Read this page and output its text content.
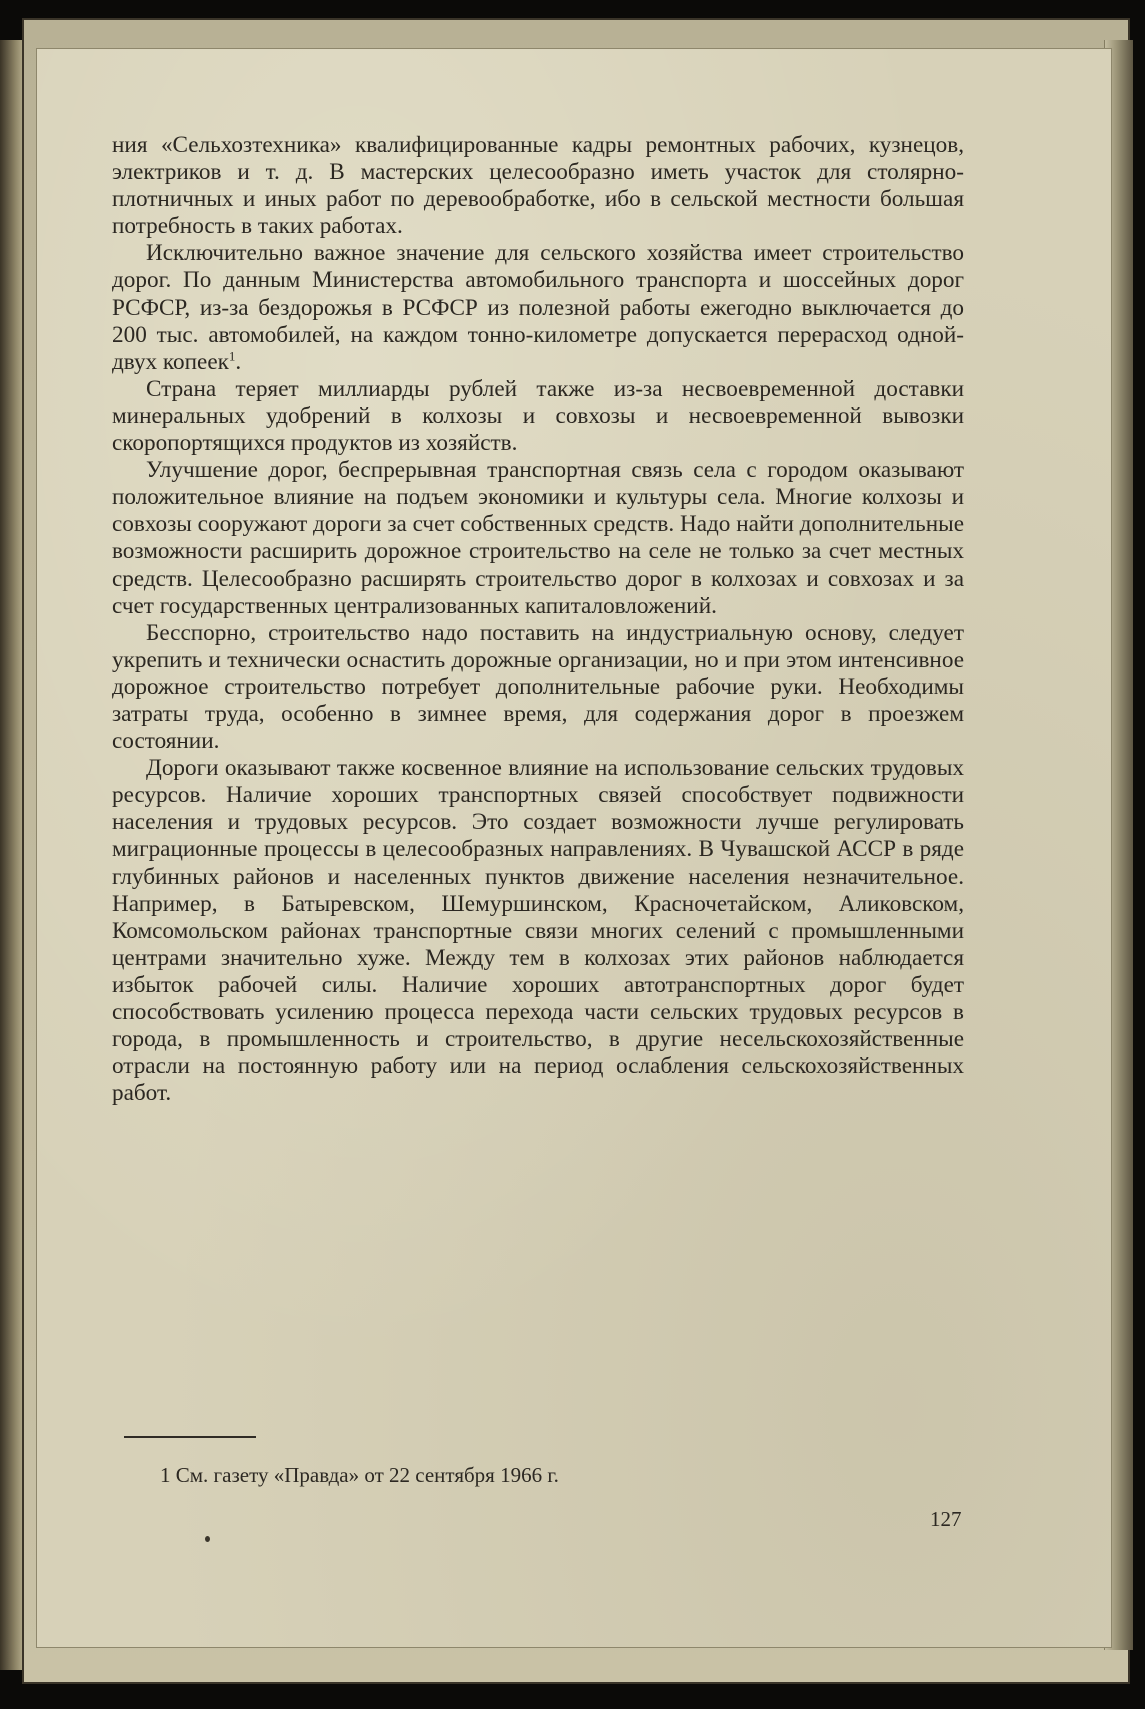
ния «Сельхозтехника» квалифицированные кадры ремонтных рабочих, кузнецов, электриков и т. д. В мастерских целесообразно иметь участок для столярно-плотничных и иных работ по деревообработке, ибо в сельской местности большая потребность в таких работах.

Исключительно важное значение для сельского хозяйства имеет строительство дорог. По данным Министерства автомобильного транспорта и шоссейных дорог РСФСР, из-за бездорожья в РСФСР из полезной работы ежегодно выключается до 200 тыс. автомобилей, на каждом тонно-километре допускается перерасход одной-двух копеек$^1$.

Страна теряет миллиарды рублей также из-за несвоевременной доставки минеральных удобрений в колхозы и совхозы и несвоевременной вывозки скоропортящихся продуктов из хозяйств.

Улучшение дорог, беспрерывная транспортная связь села с городом оказывают положительное влияние на подъем экономики и культуры села. Многие колхозы и совхозы сооружают дороги за счет собственных средств. Надо найти дополнительные возможности расширить дорожное строительство на селе не только за счет местных средств. Целесообразно расширять строительство дорог в колхозах и совхозах и за счет государственных централизованных капиталовложений.

Бесспорно, строительство надо поставить на индустриальную основу, следует укрепить и технически оснастить дорожные организации, но и при этом интенсивное дорожное строительство потребует дополнительные рабочие руки. Необходимы затраты труда, особенно в зимнее время, для содержания дорог в проезжем состоянии.

Дороги оказывают также косвенное влияние на использование сельских трудовых ресурсов. Наличие хороших транспортных связей способствует подвижности населения и трудовых ресурсов. Это создает возможности лучше регулировать миграционные процессы в целесообразных направлениях. В Чувашской АССР в ряде глубинных районов и населенных пунктов движение населения незначительное. Например, в Батыревском, Шемуршинском, Красночетайском, Аликовском, Комсомольском районах транспортные связи многих селений с промышленными центрами значительно хуже. Между тем в колхозах этих районов наблюдается избыток рабочей силы. Наличие хороших автотранспортных дорог будет способствовать усилению процесса перехода части сельских трудовых ресурсов в города, в промышленность и строительство, в другие несельскохозяйственные отрасли на постоянную работу или на период ослабления сельскохозяйственных работ.

1 См. газету «Правда» от 22 сентября 1966 г.
127
